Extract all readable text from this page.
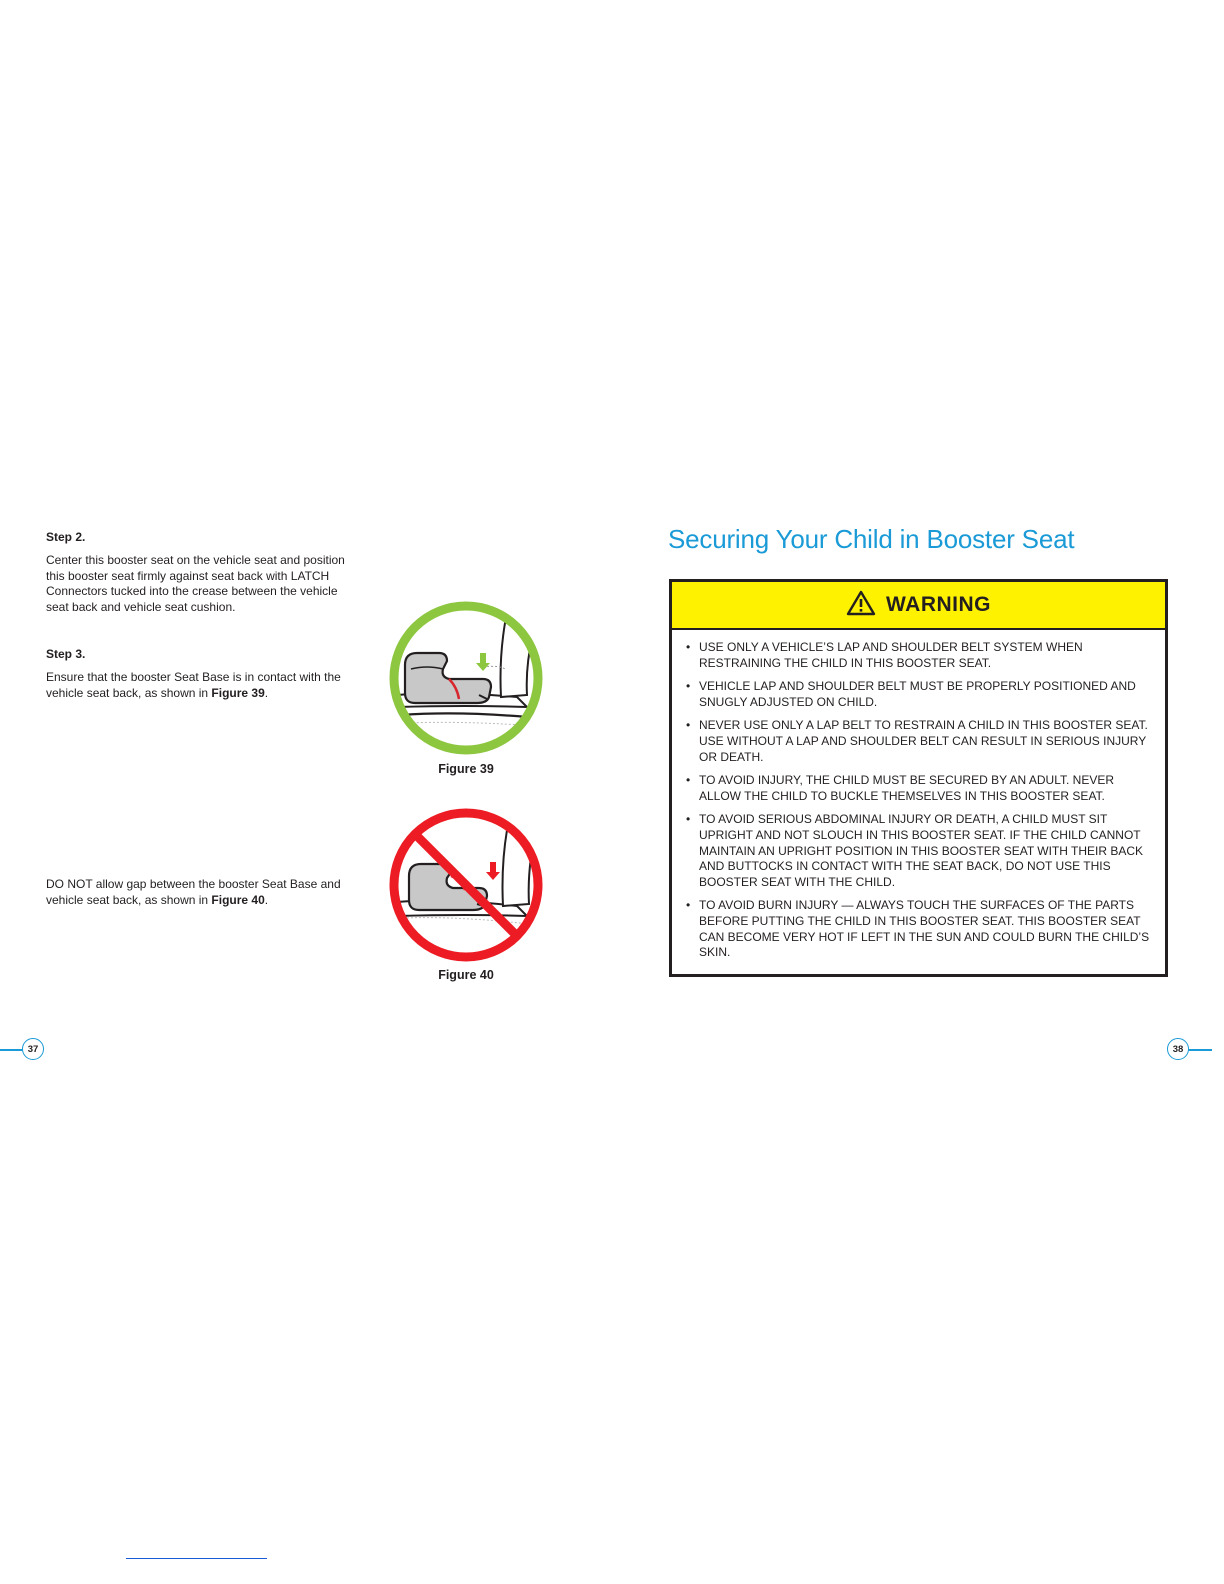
Step 2.
Center this booster seat on the vehicle seat and position this booster seat firmly against seat back with LATCH Connectors tucked into the crease between the vehicle seat back and vehicle seat cushion.
Step 3.
Ensure that the booster Seat Base is in contact with the vehicle seat back, as shown in Figure 39.
DO NOT allow gap between the booster Seat Base and vehicle seat back, as shown in Figure 40.
Figure 39
Figure 40
37
Securing Your Child in Booster Seat
WARNING
• USE ONLY A VEHICLE’S LAP AND SHOULDER BELT SYSTEM WHEN RESTRAINING THE CHILD IN THIS BOOSTER SEAT.
• VEHICLE LAP AND SHOULDER BELT MUST BE PROPERLY POSITIONED AND SNUGLY ADJUSTED ON CHILD.
• NEVER USE ONLY A LAP BELT TO RESTRAIN A CHILD IN THIS BOOSTER SEAT. USE WITHOUT A LAP AND SHOULDER BELT CAN RESULT IN SERIOUS INJURY OR DEATH.
• TO AVOID INJURY, THE CHILD MUST BE SECURED BY AN ADULT. NEVER ALLOW THE CHILD TO BUCKLE THEMSELVES IN THIS BOOSTER SEAT.
• TO AVOID SERIOUS ABDOMINAL INJURY OR DEATH, A CHILD MUST SIT UPRIGHT AND NOT SLOUCH IN THIS BOOSTER SEAT. IF THE CHILD CANNOT MAINTAIN AN UPRIGHT POSITION IN THIS BOOSTER SEAT WITH THEIR BACK AND BUTTOCKS IN CONTACT WITH THE SEAT BACK, DO NOT USE THIS BOOSTER SEAT WITH THE CHILD.
• TO AVOID BURN INJURY — ALWAYS TOUCH THE SURFACES OF THE PARTS BEFORE PUTTING THE CHILD IN THIS BOOSTER SEAT. THIS BOOSTER SEAT CAN BECOME VERY HOT IF LEFT IN THE SUN AND COULD BURN THE CHILD’S SKIN.
38
